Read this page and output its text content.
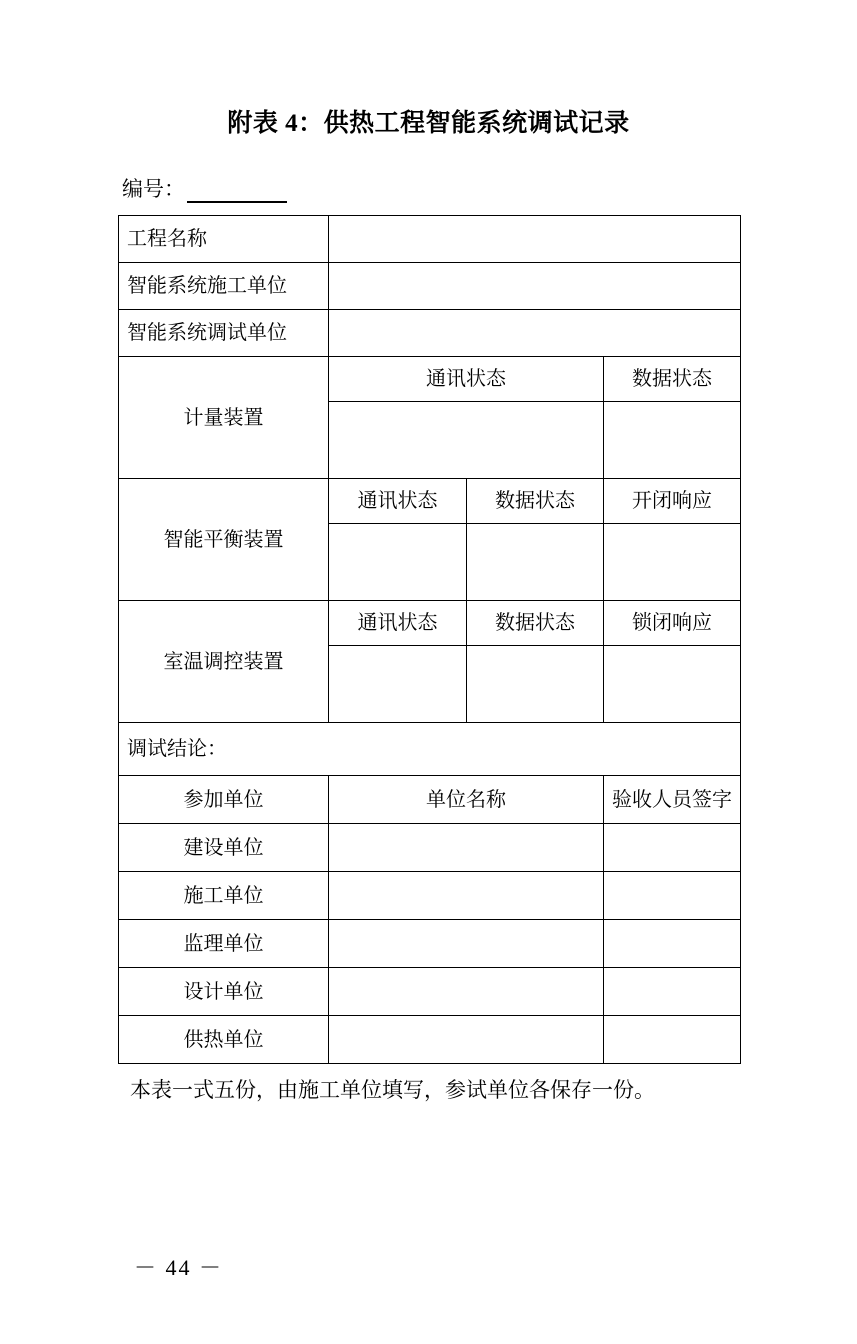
附表 4：供热工程智能系统调试记录
编号：
工程名称			
智能系统施工单位			
智能系统调试单位			
计量装置	通讯状态		数据状态

智能平衡装置	通讯状态	数据状态	开闭响应

室温调控装置	通讯状态	数据状态	锁闭响应

调试结论：			
参加单位	单位名称		验收人员签字
建设单位			
施工单位			
监理单位			
设计单位			
供热单位			
本表一式五份，由施工单位填写，参试单位各保存一份。
－ 44 －
